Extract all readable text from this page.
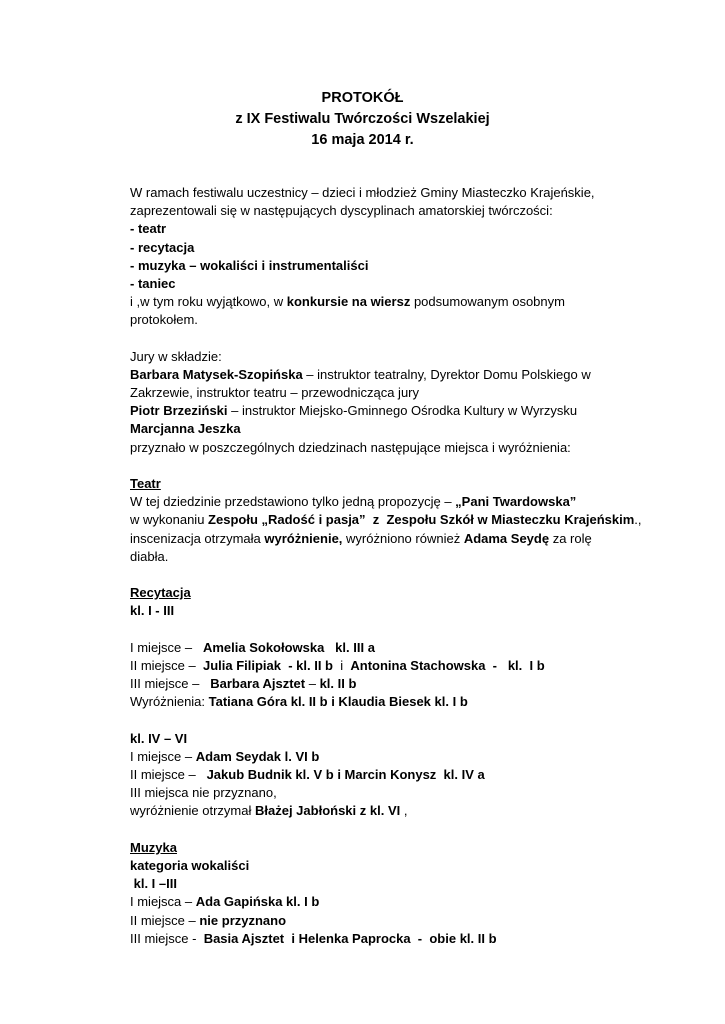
PROTOKÓŁ
z IX Festiwalu Twórczości Wszelakiej
16 maja 2014 r.
W ramach festiwalu uczestnicy – dzieci i młodzież Gminy Miasteczko Krajeńskie,
zaprezentowali się w następujących dyscyplinach amatorskiej twórczości:
- teatr
- recytacja
- muzyka – wokaliści i instrumentaliści
- taniec
i ,w tym roku wyjątkowo, w konkursie na wiersz podsumowanym osobnym
protokołem.
Jury w składzie:
Barbara Matysek-Szopińska – instruktor teatralny, Dyrektor Domu Polskiego w
Zakrzewie, instruktor teatru – przewodnicząca jury
Piotr Brzeziński – instruktor Miejsko-Gminnego Ośrodka Kultury w Wyrzysku
Marcjanna Jeszka
przyznało w poszczególnych dziedzinach następujące miejsca i wyróżnienia:
Teatr
W tej dziedzinie przedstawiono tylko jedną propozycję – „Pani Twardowska”
w wykonaniu Zespołu „Radość i pasja”  z  Zespołu Szkół w Miasteczku Krajeńskim.,
inscenizacja otrzymała wyróżnienie, wyróżniono również Adama Seydę za rolę
diabła.
Recytacja
kl. I - III
I miejsce –   Amelia Sokołowska   kl. III a
II miejsce –  Julia Filipiak  - kl. II b  i  Antonina Stachowska  -   kl.  I b
III miejsce –   Barbara Ajsztet – kl. II b
Wyróżnienia: Tatiana Góra kl. II b i Klaudia Biesek kl. I b
kl. IV – VI
I miejsce – Adam Seydak l. VI b
II miejsce –   Jakub Budnik kl. V b i Marcin Konysz  kl. IV a
III miejsca nie przyznano,
wyróżnienie otrzymał Błażej Jabłoński z kl. VI ,
Muzyka
kategoria wokaliści
kl. I –III
I miejsca – Ada Gapińska kl. I b
II miejsce – nie przyznano
III miejsce -  Basia Ajsztet  i Helenka Paprocka  -  obie kl. II b
